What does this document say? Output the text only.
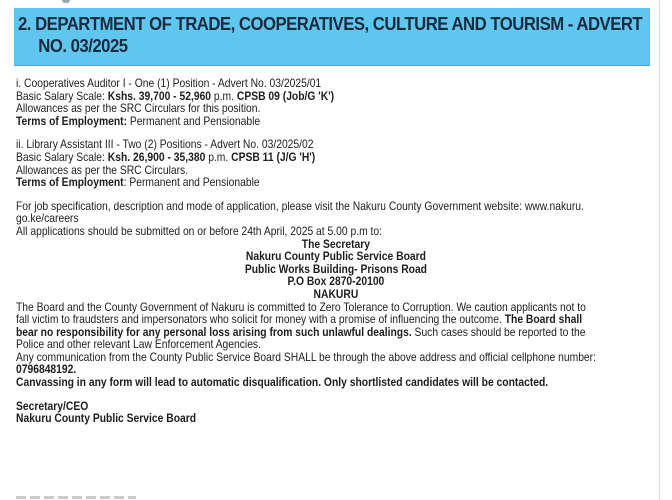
2. DEPARTMENT OF TRADE, COOPERATIVES, CULTURE AND TOURISM - ADVERT
NO. 03/2025
i. Cooperatives Auditor I - One (1) Position - Advert No. 03/2025/01
Basic Salary Scale: Kshs. 39,700 - 52,960 p.m. CPSB 09 (Job/G 'K')
Allowances as per the SRC Circulars for this position.
Terms of Employment: Permanent and Pensionable
ii. Library Assistant III - Two (2) Positions - Advert No. 03/2025/02
Basic Salary Scale: Ksh. 26,900 - 35,380 p.m. CPSB 11 (J/G 'H')
Allowances as per the SRC Circulars.
Terms of Employment: Permanent and Pensionable
For job specification, description and mode of application, please visit the Nakuru County Government website: www.nakuru.
go.ke/careers
All applications should be submitted on or before 24th April, 2025 at 5.00 p.m to:
The Secretary
Nakuru County Public Service Board
Public Works Building- Prisons Road
P.O Box 2870-20100
NAKURU
The Board and the County Government of Nakuru is committed to Zero Tolerance to Corruption. We caution applicants not to
fall victim to fraudsters and impersonators who solicit for money with a promise of influencing the outcome. The Board shall
bear no responsibility for any personal loss arising from such unlawful dealings. Such cases should be reported to the
Police and other relevant Law Enforcement Agencies.
Any communication from the County Public Service Board SHALL be through the above address and official cellphone number:
0796848192.
Canvassing in any form will lead to automatic disqualification. Only shortlisted candidates will be contacted.
Secretary/CEO
Nakuru County Public Service Board
